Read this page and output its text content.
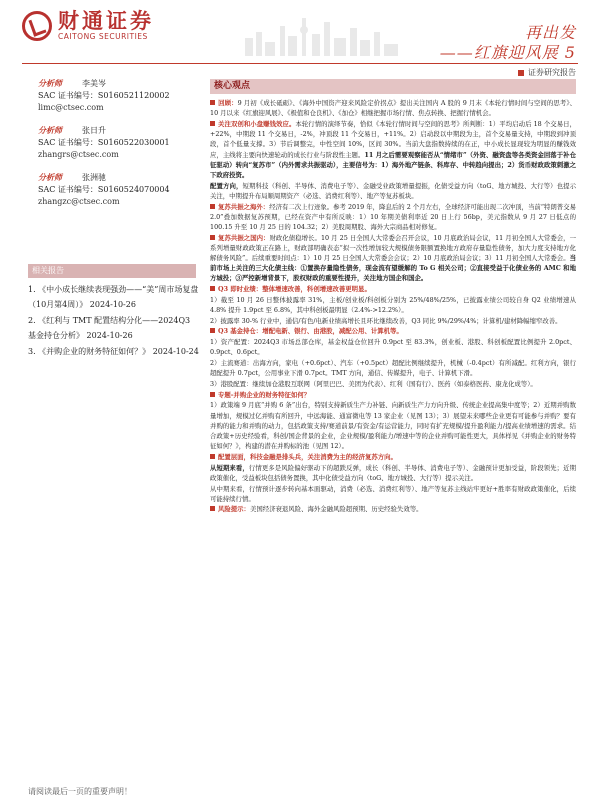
财通证券
CAITONG SECURITIES	再出发
——红旗迎风展 5
证券研究报告
分析师	李美岑
SAC 证书编号：S0160521120002
limc@ctsec.com
分析师	张日升
SAC 证书编号：S0160522030001
zhangrs@ctsec.com
分析师	张洲驰
SAC 证书编号：S0160524070004
zhangzc@ctsec.com
相关报告
1. 《中小成长继续表现强劲——“美”周市场复盘（10月第4周）》 2024-10-26
2. 《红利与 TMT 配置结构分化——2024Q3 基金持仓分析》 2024-10-26
3. 《并购企业的财务特征如何？》 2024-10-24
核心观点

回顾：9 月初《成长砥砺》、《海外中国资产迎来风险定价拐点》提出关注国内 A 股的 9 月末《本轮行情时间与空间的思考》、10 月以来《红旗迎风展》、《极值和仓良机》、《加仓》相继把握市场行情、焦点转换、把握行情机会。

关注双创和小盘赚钱效应。本轮行情的演绎节奏，恰似《本轮行情时间与空间的思考》所判断：1）平均启动后 18 个交易日，+22%，中期段 11 个交易日，-2%，冲顶段 11 个交易日，+11%。2）启动段以中期段为主，首个交易量支持，中期段到冲顶段，首个低量支撑。3）节后调整完，中性空间 10%，区间 30%。当前大盘指数持续的在正，中小成长显现较为明显的赚钱效应，主线将主要向快速轮动的成长行业与阶段性主题。11 月之后需要观察能否从“情绪市”（外资、融资盘等各类资金回落于补仓征驱动）转向“复苏市”（内外需求共振驱动），主要信号为：1）海外地产链条、科库存、中转趋向提出；2）货币财政政策刺激之下政府投资。

配置方向，短期科技（科创、半导体、消费电子等）、金融受业政策增量提振，化债受益方向（toG、地方城投、大行等）也提示关注，中期提升布局顺周期资产（必选、消费红利等）、地产等复苏板块。

复苏共振之海外：经济有二次上行迹象。参考 2019 年，降息后的 2 个月左右，全球经济可能出现二次冲顶，当前“特朗普交易 2.0”叠加数据复苏预期，已经在资产中有所反映：1）10 年期美债利率近 20 日上行 56bp，美元指数从 9 月 27 日低点的 100.15 升至 10 月 25 日的 104.32；2）美股周期股、海外大宗商品相对修复。

复苏共振之国内：财政化债稳增长。10 月 25 日全国人大常委会召开会议，10 月底政治局会议，11 月初全国人大常委会，一系列增量财政政策正在路上，财政部明确表态“拟一次性增加较大规模债务限额置换地方政府存量隐性债务，加大力度支持地方化解债务风险”。后续重要时间点：1）10 月 25 日全国人大常委会会议；2）10 月底政治局会议；3）11 月初全国人大常委会。当前市场上关注的三大化债主线：①置换存量隐性债务，现金流有望缓解的 To G 相关公司；②直接受益于化债业务的 AMC 和地方城投；③严控新增背景下，股权财政的重要性提升，关注地方国企和国企。

Q3 即时业绩：整体增速改善，科创增速改善更明显。

1）截至 10 月 26 日整体披露率 31%，主板/创业板/科创板分别为 25%/48%/25%，已披露业绩公司较自身 Q2 业绩增速从 4.8% 提升 1.9pct 至 6.8%，其中科创板最明显（2.4%->12.2%）。

2）披露率 30-% 行业中，通信/有色/电新业绩高增长且环比继续改善，Q3 同比 9%/29%/4%；计算机/建材降幅缩窄改善。

Q3 基金持仓：增配电新、银行、由港股，减配公用、计算机等。

1）资产配置：2024Q3 市场总部仓库，基金权益仓位回升 0.9pct 至 83.3%，创业板、港股、科创板配置比例提升 2.0pct、0.9pct、0.6pct。

2）主流赛道：出海方向，家电（+0.6pct）、汽车（+0.5pct）超配比例继续提升，机械（-0.4pct）有所减配。红利方向，银行超配提升 0.7pct，公用事业下滑 0.7pct。TMT 方向，通信、传媒提升，电子、计算机下滑。

3）港股配置：继续加仓港股互联网（阿里巴巴、美团为代表）、红利（国有行）、医药（如泰格医药、康龙化成等）。

专题-并购企业的财务特征如何？

1）政策端 9 月底“并购 6 条”出台，特别支持新质生产力补链、向新质生产力方向升级、传统企业提高集中度等；2）近期并购数量增加，规模过亿并购有所回升，中远海能、通富微电等 13 家企业（见图 13）；3）展望未来哪些企业更有可能参与并购？要有并购的能力和并购的动力，包括政策支持/赛道前景/有资金/有运营能力，同时有扩充规模/提升盈利能力/提高业绩增速的需求。结合政策+历史经验看，科创/国企背景的企业，企业规模/盈利能力/增速中等的企业并购可能性更大，具体样见《并购企业的财务特征如何？》，构建的潜在并购标的池（见图 12）。

配置层面，科技金融是排头兵，关注消费为主的经济复苏方向。

从短期来看，行情更多是风险偏好驱动下的超跌反弹，成长（科创、半导体、消费电子等）、金融预计更加受益，阶段领先；近期政策催化，受益板块包括债务置换，其中化债受益方向（toG、地方城投、大行等）提示关注。

从中期来看，行情预计逐步转向基本面驱动，消费（必选、消费红利等）、地产等复苏主线站牢更好+胜率有财政政策催化，后续可能持续行情。

风险提示：美国经济衰退风险、海外金融风险超预期、历史经验失效等。

请阅读最后一页的重要声明！
